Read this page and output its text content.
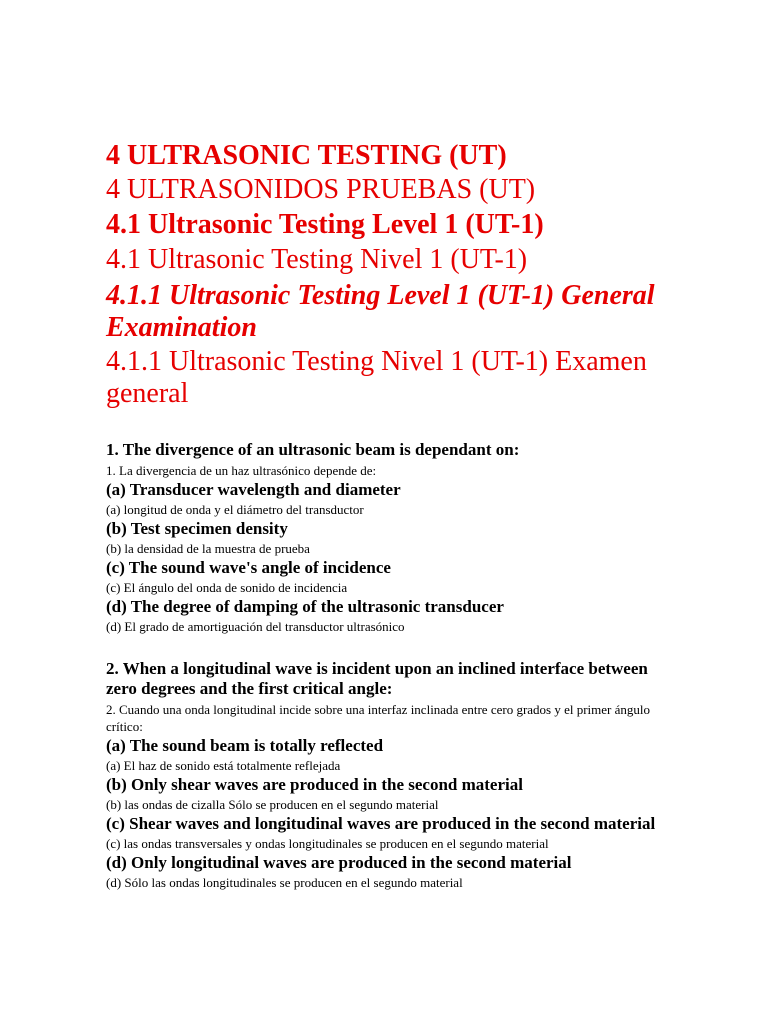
4 ULTRASONIC TESTING (UT)

4 ULTRASONIDOS PRUEBAS (UT)

4.1 Ultrasonic Testing Level 1 (UT-1)

4.1 Ultrasonic Testing Nivel 1 (UT-1)

4.1.1 Ultrasonic Testing Level 1 (UT-1) General Examination

4.1.1 Ultrasonic Testing Nivel 1 (UT-1) Examen general

1. The divergence of an ultrasonic beam is dependant on:

1. La divergencia de un haz ultrasónico depende de:

(a) Transducer wavelength and diameter

(a) longitud de onda y el diámetro del transductor

(b) Test specimen density

(b) la densidad de la muestra de prueba

(c) The sound wave's angle of incidence

(c) El ángulo del onda de sonido de incidencia

(d) The degree of damping of the ultrasonic transducer

(d) El grado de amortiguación del transductor ultrasónico

2. When a longitudinal wave is incident upon an inclined interface between zero degrees and the first critical angle:

2. Cuando una onda longitudinal incide sobre una interfaz inclinada entre cero grados y el primer ángulo crítico:

(a) The sound beam is totally reflected

(a) El haz de sonido está totalmente reflejada

(b) Only shear waves are produced in the second material

(b) las ondas de cizalla Sólo se producen en el segundo material

(c) Shear waves and longitudinal waves are produced in the second material

(c) las ondas transversales y ondas longitudinales se producen en el segundo material

(d) Only longitudinal waves are produced in the second material

(d) Sólo las ondas longitudinales se producen en el segundo material
